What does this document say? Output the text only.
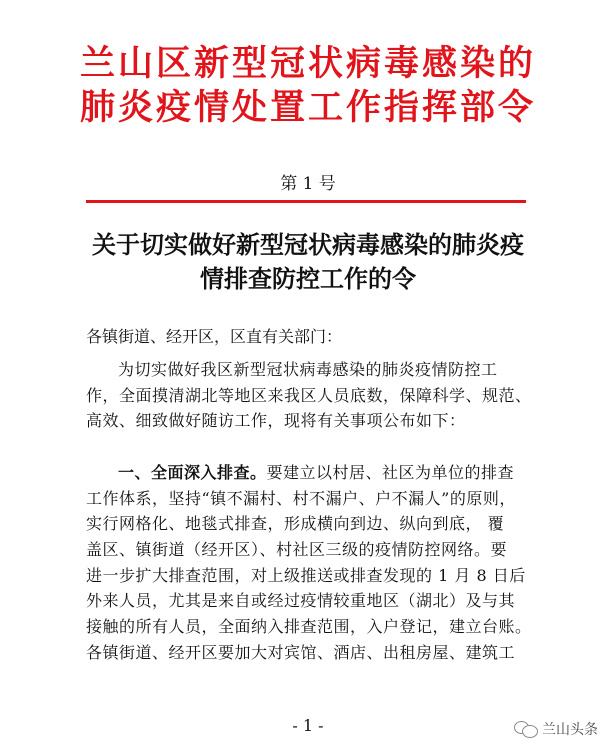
兰山区新型冠状病毒感染的
肺炎疫情处置工作指挥部令
第 1 号
关于切实做好新型冠状病毒感染的肺炎疫
情排查防控工作的令
各镇街道、经开区，区直有关部门：
为切实做好我区新型冠状病毒感染的肺炎疫情防控工
作，全面摸清湖北等地区来我区人员底数，保障科学、规范、
高效、细致做好随访工作，现将有关事项公布如下：
一、全面深入排查。要建立以村居、社区为单位的排查
工作体系，坚持“镇不漏村、村不漏户、户不漏人”的原则，
实行网格化、地毯式排查，形成横向到边、纵向到底， 覆
盖区、镇街道（经开区）、村社区三级的疫情防控网络。要
进一步扩大排查范围，对上级推送或排查发现的 1 月 8 日后
外来人员，尤其是来自或经过疫情较重地区（湖北）及与其
接触的所有人员，全面纳入排查范围，入户登记，建立台账。
各镇街道、经开区要加大对宾馆、酒店、出租房屋、建筑工
- 1 -	兰山头条
